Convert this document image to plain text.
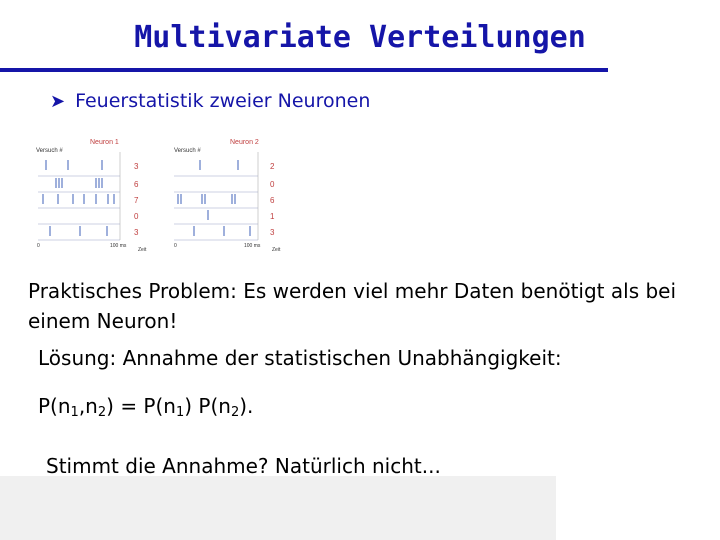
Multivariate Verteilungen
➤ Feuerstatistik zweier Neuronen
Neuron 1
Versuch #
3
6
7
0
3
0	100 ms
Zeit
Neuron 2
Versuch #
2
0
6
1
3
0	100 ms
Zeit
Praktisches Problem: Es werden viel mehr Daten benötigt als bei einem Neuron!
Lösung: Annahme der statistischen Unabhängigkeit:
$P(n_1,n_2) = P(n_1)$ $P(n_2)$.
Stimmt die Annahme? Natürlich nicht...
